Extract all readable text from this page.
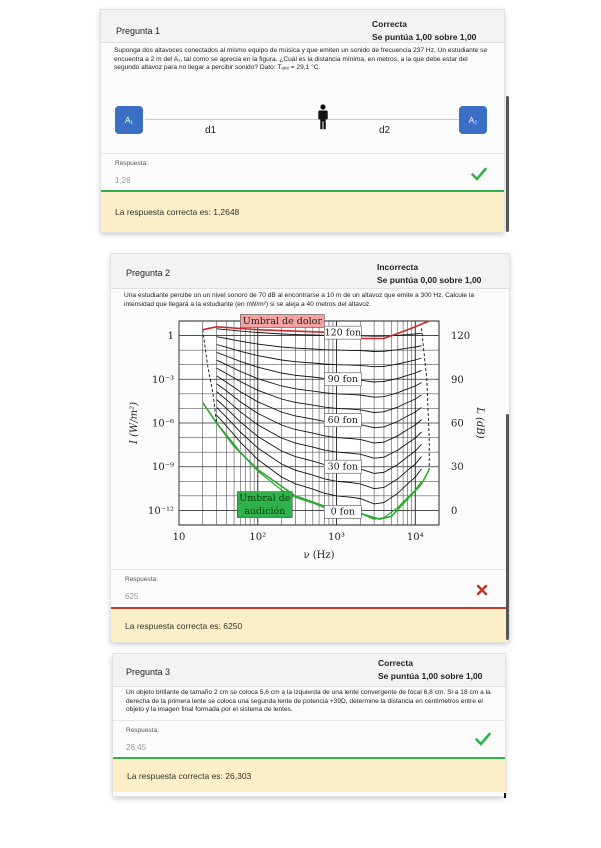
Pregunta 1
Correcta
Se puntúa 1,00 sobre 1,00
Suponga dos altavoces conectados al mismo equipo de música y que emiten un sonido de frecuencia 237 Hz. Un estudiante se encuentra a 2 m del A₁, tal como se aprecia en la figura. ¿Cuál es la distancia mínima, en metros, a la que debe estar del segundo altavoz para no llegar a percibir sonido? Dato: Tₐᵢᵣₑ = 29,1 °C.
A₁	A₂
d1	d2
Respuesta:
1,26
La respuesta correcta es: 1,2648
Pregunta 2
Incorrecta
Se puntúa 0,00 sobre 1,00
Una estudiante percibe un un nivel sonoro de 70 dB al encontrarse a 10 m de un altavoz que emite a 300 Hz. Calcule la intensidad que llegará a la estudiante (en nW/m²) si se aleja a 40 metros del altavoz.
10	10²	10³	10⁴
1
10⁻³
10⁻⁶
10⁻⁹
10⁻¹²
120
90
60
30
0
ν (Hz)
I (W/m²)	L (dB)
Umbral de dolor
Umbral de
audición
120 fon
90 fon
60 fon
30 fon
0 fon
Respuesta:
625
La respuesta correcta es: 6250
Pregunta 3
Correcta
Se puntúa 1,00 sobre 1,00
Un objeto brillante de tamaño 2 cm se coloca 5,6 cm a la izquierda de una lente convergente de focal 6,8 cm. Si a 18 cm a la derecha de la primera lente se coloca una segunda lente de potencia +39D, determine la distancia en centímetros entre el objeto y la imagen final formada por el sistema de lentes.
Respuesta:
26,45
La respuesta correcta es: 26,303
